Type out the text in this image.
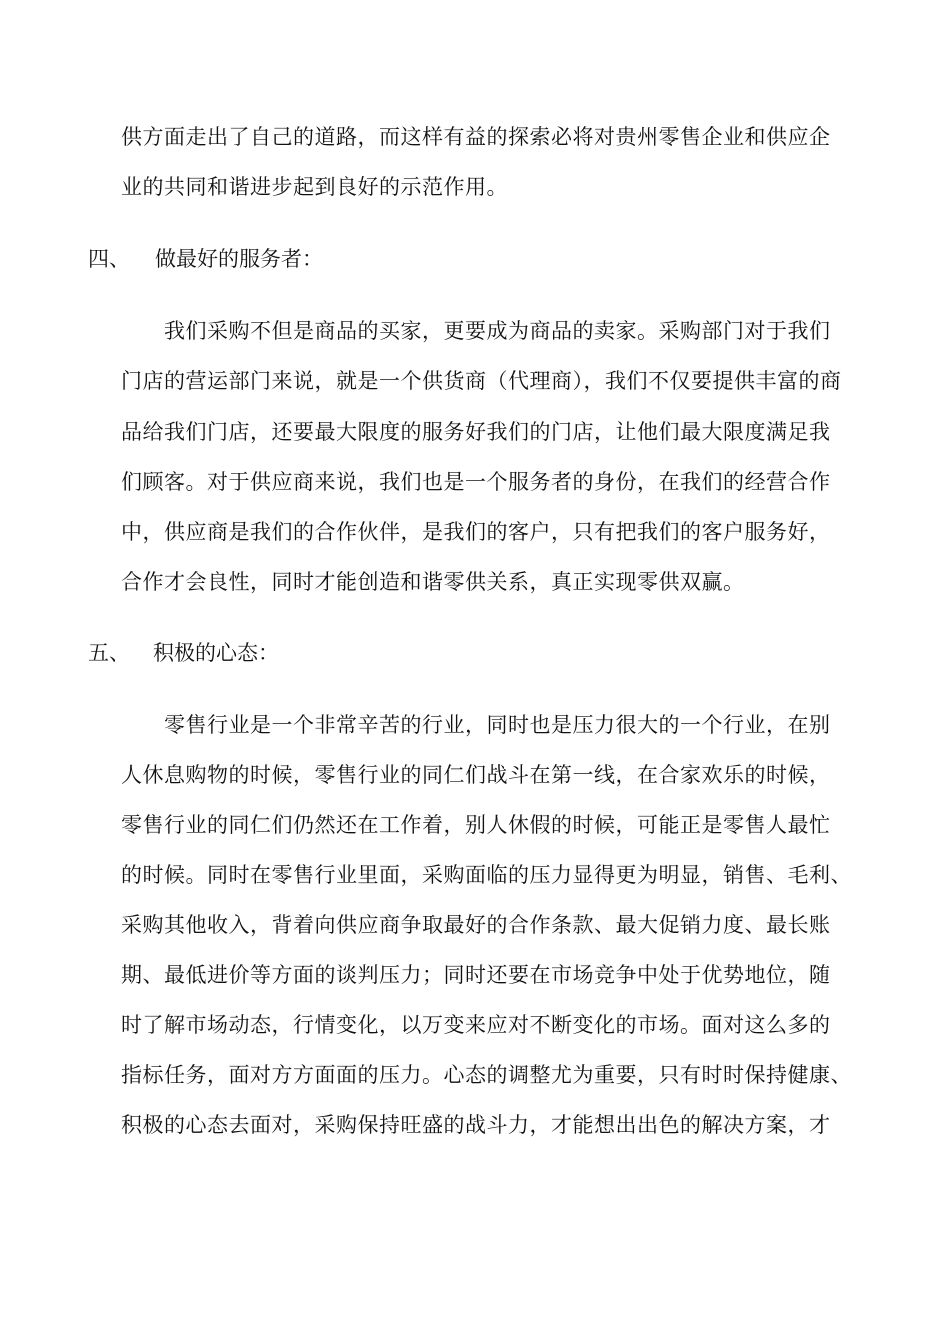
供方面走出了自己的道路，而这样有益的探索必将对贵州零售企业和供应企
业的共同和谐进步起到良好的示范作用。
四、 做最好的服务者：
我们采购不但是商品的买家，更要成为商品的卖家。采购部门对于我们
门店的营运部门来说，就是一个供货商（代理商），我们不仅要提供丰富的商
品给我们门店，还要最大限度的服务好我们的门店，让他们最大限度满足我
们顾客。对于供应商来说，我们也是一个服务者的身份，在我们的经营合作
中，供应商是我们的合作伙伴，是我们的客户，只有把我们的客户服务好，
合作才会良性，同时才能创造和谐零供关系，真正实现零供双赢。
五、 积极的心态：
零售行业是一个非常辛苦的行业，同时也是压力很大的一个行业，在别
人休息购物的时候，零售行业的同仁们战斗在第一线，在合家欢乐的时候，
零售行业的同仁们仍然还在工作着，别人休假的时候，可能正是零售人最忙
的时候。同时在零售行业里面，采购面临的压力显得更为明显，销售、毛利、
采购其他收入，背着向供应商争取最好的合作条款、最大促销力度、最长账
期、最低进价等方面的谈判压力；同时还要在市场竞争中处于优势地位，随
时了解市场动态，行情变化，以万变来应对不断变化的市场。面对这么多的
指标任务，面对方方面面的压力。心态的调整尤为重要，只有时时保持健康、
积极的心态去面对，采购保持旺盛的战斗力，才能想出出色的解决方案，才
